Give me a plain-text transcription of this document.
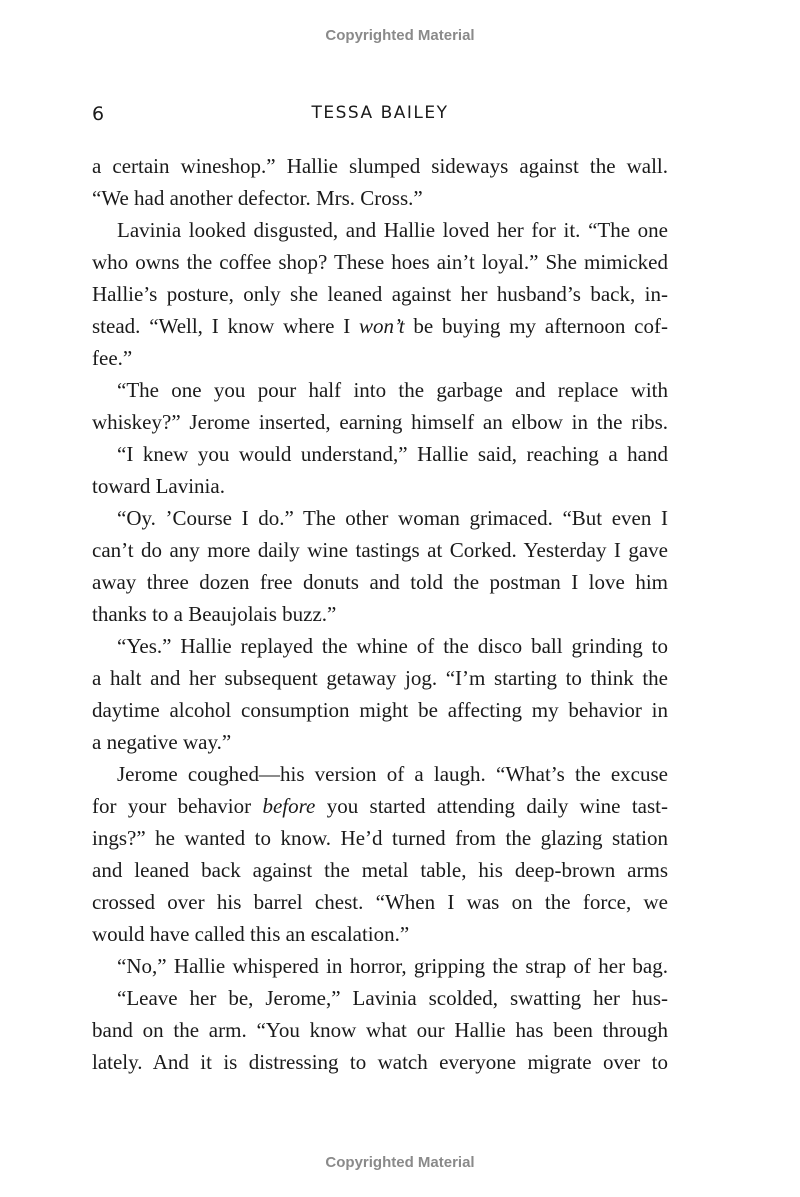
Copyrighted Material
6	TESSA BAILEY
a certain wineshop.” Hallie slumped sideways against the wall.
“We had another defector. Mrs. Cross.”
Lavinia looked disgusted, and Hallie loved her for it. “The one
who owns the coffee shop? These hoes ain’t loyal.” She mimicked
Hallie’s posture, only she leaned against her husband’s back, in-
stead. “Well, I know where I won’t be buying my afternoon cof-
fee.”
“The one you pour half into the garbage and replace with
whiskey?” Jerome inserted, earning himself an elbow in the ribs.
“I knew you would understand,” Hallie said, reaching a hand
toward Lavinia.
“Oy. ’Course I do.” The other woman grimaced. “But even I
can’t do any more daily wine tastings at Corked. Yesterday I gave
away three dozen free donuts and told the postman I love him
thanks to a Beaujolais buzz.”
“Yes.” Hallie replayed the whine of the disco ball grinding to
a halt and her subsequent getaway jog. “I’m starting to think the
daytime alcohol consumption might be affecting my behavior in
a negative way.”
Jerome coughed—his version of a laugh. “What’s the excuse
for your behavior before you started attending daily wine tast-
ings?” he wanted to know. He’d turned from the glazing station
and leaned back against the metal table, his deep-brown arms
crossed over his barrel chest. “When I was on the force, we
would have called this an escalation.”
“No,” Hallie whispered in horror, gripping the strap of her bag.
“Leave her be, Jerome,” Lavinia scolded, swatting her hus-
band on the arm. “You know what our Hallie has been through
lately. And it is distressing to watch everyone migrate over to
Copyrighted Material
